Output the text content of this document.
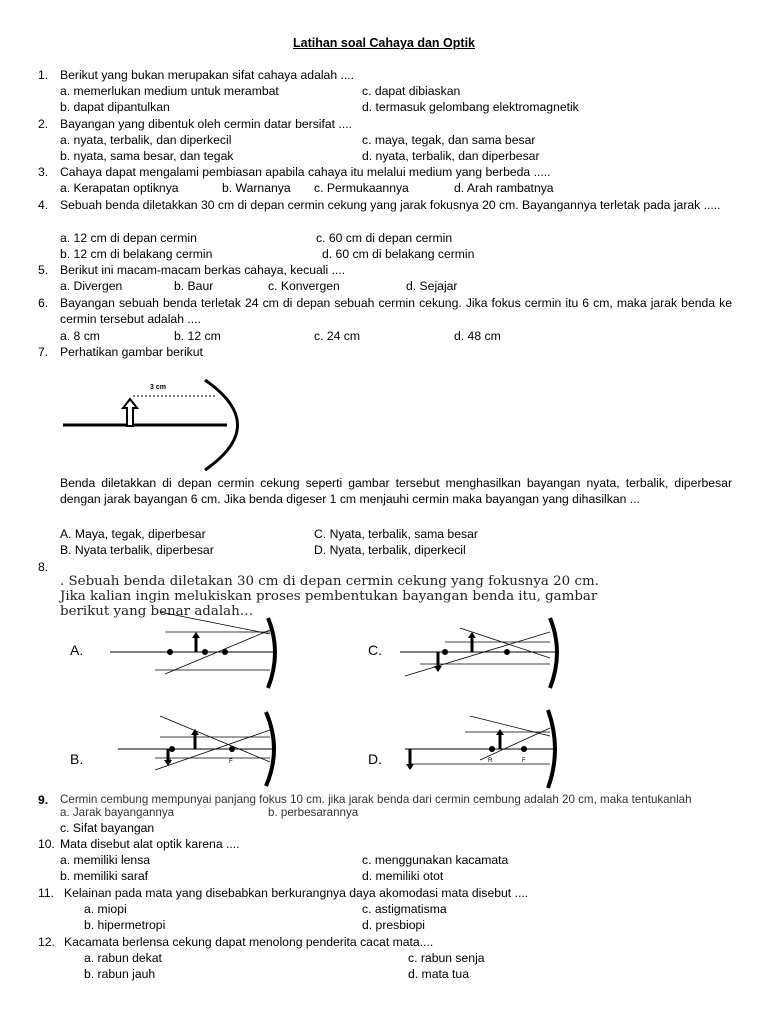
Latihan soal Cahaya dan Optik
1. Berikut yang bukan merupakan sifat cahaya adalah ....
a. memerlukan medium untuk merambat	c. dapat dibiaskan
b. dapat dipantulkan	d. termasuk gelombang elektromagnetik
2. Bayangan yang dibentuk oleh cermin datar bersifat ....
a. nyata, terbalik, dan diperkecil	c. maya, tegak, dan sama besar
b. nyata, sama besar, dan tegak	d. nyata, terbalik, dan diperbesar
3. Cahaya dapat mengalami pembiasan apabila cahaya itu melalui medium yang berbeda .....
a. Kerapatan optiknya	b. Warnanya c. Permukaannya	d. Arah rambatnya
4. Sebuah benda diletakkan 30 cm di depan cermin cekung yang jarak fokusnya 20 cm. Bayangannya terletak pada jarak .....
a. 12 cm di depan cermin	c. 60 cm di depan cermin
b. 12 cm di belakang cermin	d. 60 cm di belakang cermin
5. Berikut ini macam-macam berkas cahaya, kecuali ....
a. Divergen	b. Baur	c. Konvergen	d. Sejajar
6. Bayangan sebuah benda terletak 24 cm di depan sebuah cermin cekung. Jika fokus cermin itu 6 cm, maka jarak benda ke cermin tersebut adalah ....
a. 8 cm	b. 12 cm	c. 24 cm	d. 48 cm
7. Perhatikan gambar berikut
3 cm
Benda diletakkan di depan cermin cekung seperti gambar tersebut menghasilkan bayangan nyata, terbalik, diperbesar dengan jarak bayangan 6 cm. Jika benda digeser 1 cm menjauhi cermin maka bayangan yang dihasilkan ...
A. Maya, tegak, diperbesar	C. Nyata, terbalik, sama besar
B. Nyata terbalik, diperbesar	D. Nyata, terbalik, diperkecil
8.
. Sebuah benda diletakan 30 cm di depan cermin cekung yang fokusnya 20 cm. Jika kalian ingin melukiskan proses pembentukan bayangan benda itu, gambar berikut yang benar adalah…
A.	C.
B.	R	F	D.	R	F
9.	Cermin cembung mempunyai panjang fokus 10 cm. jika jarak benda dari cermin cembung adalah 20 cm, maka tentukanlah
a. Jarak bayangannya	b. perbesarannya
c. Sifat bayangan
10. Mata disebut alat optik karena ....
a. memiliki lensa	c. menggunakan kacamata
b. memiliki saraf	d. memiliki otot
11. Kelainan pada mata yang disebabkan berkurangnya daya akomodasi mata disebut ....
a. miopi	c. astigmatisma
b. hipermetropi	d. presbiopi
12. Kacamata berlensa cekung dapat menolong penderita cacat mata....
a. rabun dekat	c. rabun senja
b. rabun jauh	d. mata tua
